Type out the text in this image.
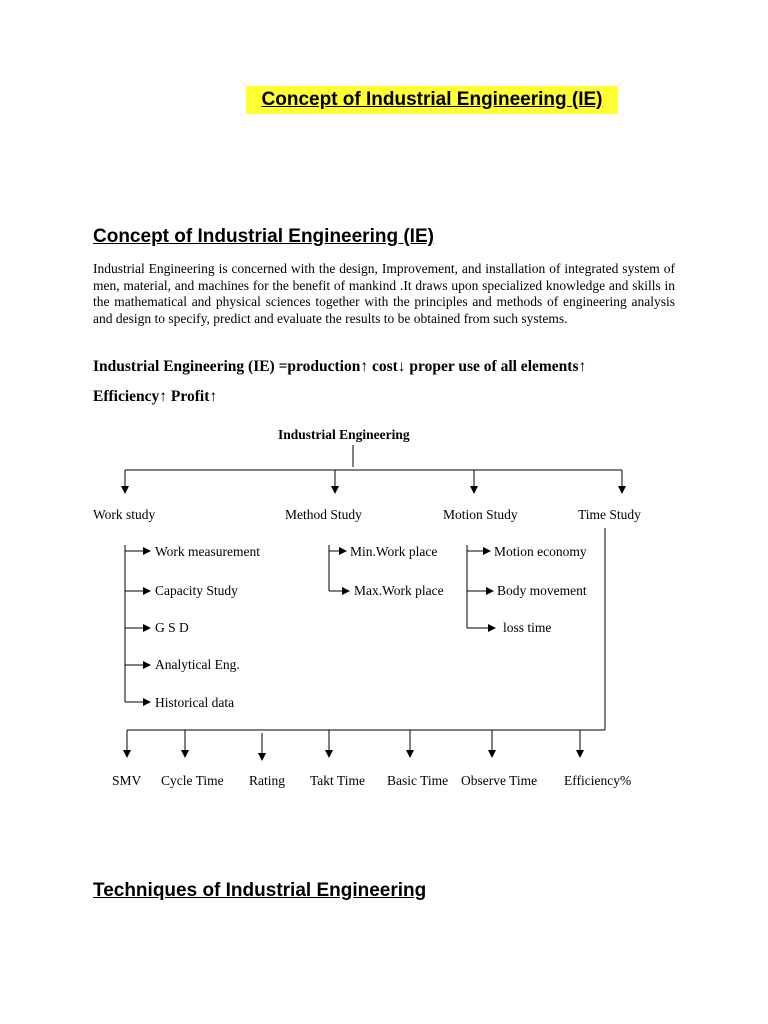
Concept of Industrial Engineering (IE)
Concept of Industrial Engineering (IE)
Industrial Engineering is concerned with the design, Improvement, and installation of integrated system of men, material, and machines for the benefit of mankind .It draws upon specialized knowledge and skills in the mathematical and physical sciences together with the principles and methods of engineering analysis and design to specify, predict and evaluate the results to be obtained from such systems.
Industrial Engineering (IE) =production↑ cost↓ proper use of all elements↑
Efficiency↑ Profit↑
Industrial Engineering
Work study	Method Study	Motion Study	Time Study
Work measurement
Capacity Study
G S D
Analytical Eng.
Historical data
Min.Work place
Max.Work place
Motion economy
Body movement
loss time
SMV Cycle Time Rating Takt Time Basic Time Observe Time Efficiency%
Techniques of Industrial Engineering
